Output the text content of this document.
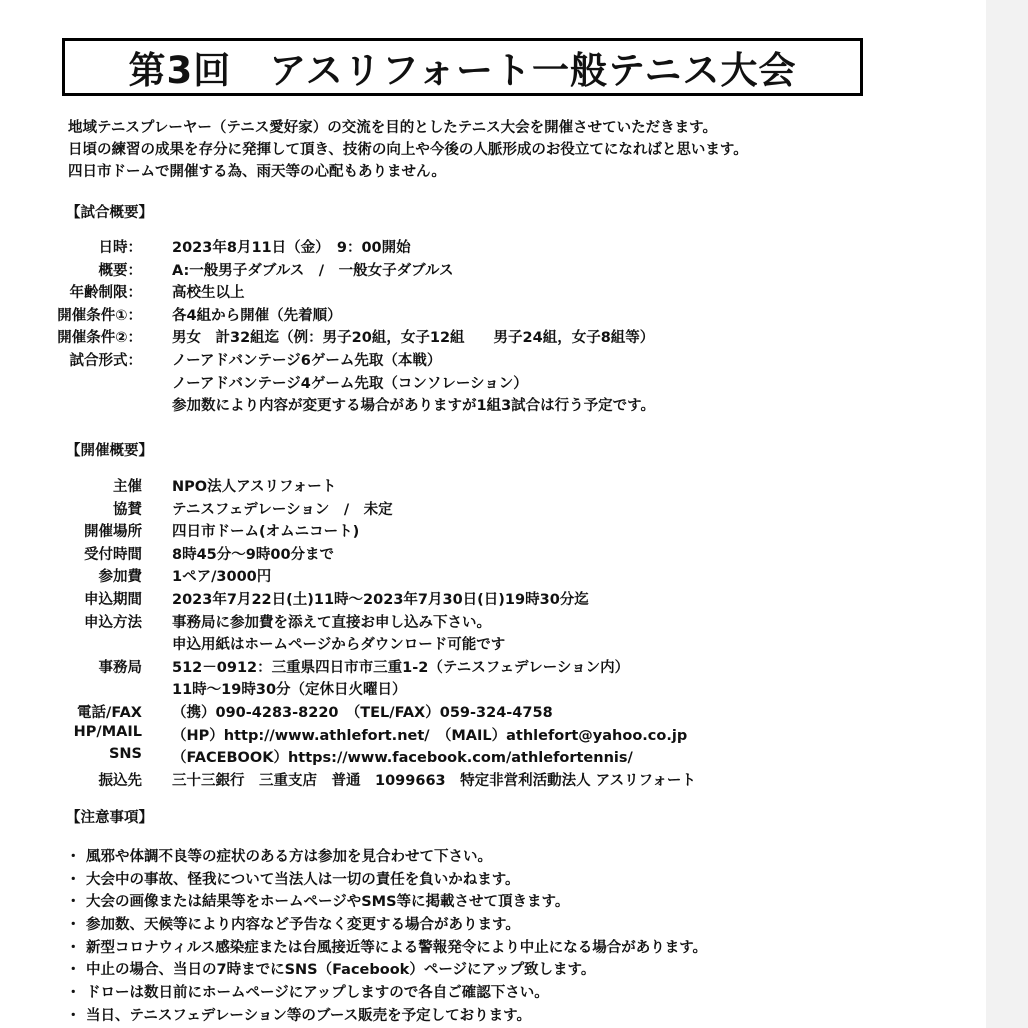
第3回　アスリフォート一般テニス大会

地域テニスプレーヤー（テニス愛好家）の交流を目的としたテニス大会を開催させていただきます。

日頃の練習の成果を存分に発揮して頂き、技術の向上や今後の人脈形成のお役立てになればと思います。

四日市ドームで開催する為、雨天等の心配もありません。

【試合概要】
日時： 2023年8月11日（金）　9：00開始
概要： A:一般男子ダブルス　/　一般女子ダブルス
年齢制限： 高校生以上
開催条件①： 各4組から開催（先着順）
開催条件②： 男女　計32組迄（例：男子20組，女子12組　　男子24組，女子8組等）
試合形式： ノーアドバンテージ6ゲーム先取（本戦）
ノーアドバンテージ4ゲーム先取（コンソレーション）
参加数により内容が変更する場合がありますが1組3試合は行う予定です。
【開催概要】
主催 NPO法人アスリフォート
協賛 テニスフェデレーション　/　未定
開催場所 四日市ドーム(オムニコート)
受付時間 8時45分～9時00分まで
参加費 1ペア/3000円
申込期間 2023年7月22日(土)11時～2023年7月30日(日)19時30分迄
申込方法 事務局に参加費を添えて直接お申し込み下さい。
申込用紙はホームページからダウンロード可能です
事務局 512－0912：三重県四日市市三重1-2（テニスフェデレーション内）
11時～19時30分（定休日火曜日）
電話/FAX （携）090-4283-8220　（TEL/FAX）059-324-4758
HP/MAIL （HP）http://www.athlefort.net/　（MAIL）athlefort@yahoo.co.jp
SNS （FACEBOOK）https://www.facebook.com/athlefortennis/
振込先 三十三銀行　三重支店　普通　1099663　特定非営利活動法人 アスリフォート
【注意事項】
・ 風邪や体調不良等の症状のある方は参加を見合わせて下さい。
・ 大会中の事故、怪我について当法人は一切の責任を負いかねます。
・ 大会の画像または結果等をホームページやSMS等に掲載させて頂きます。
・ 参加数、天候等により内容など予告なく変更する場合があります。
・ 新型コロナウィルス感染症または台風接近等による警報発令により中止になる場合があります。
・ 中止の場合、当日の7時までにSNS（Facebook）ページにアップ致します。
・ ドローは数日前にホームページにアップしますので各自ご確認下さい。
・ 当日、テニスフェデレーション等のブース販売を予定しております。
